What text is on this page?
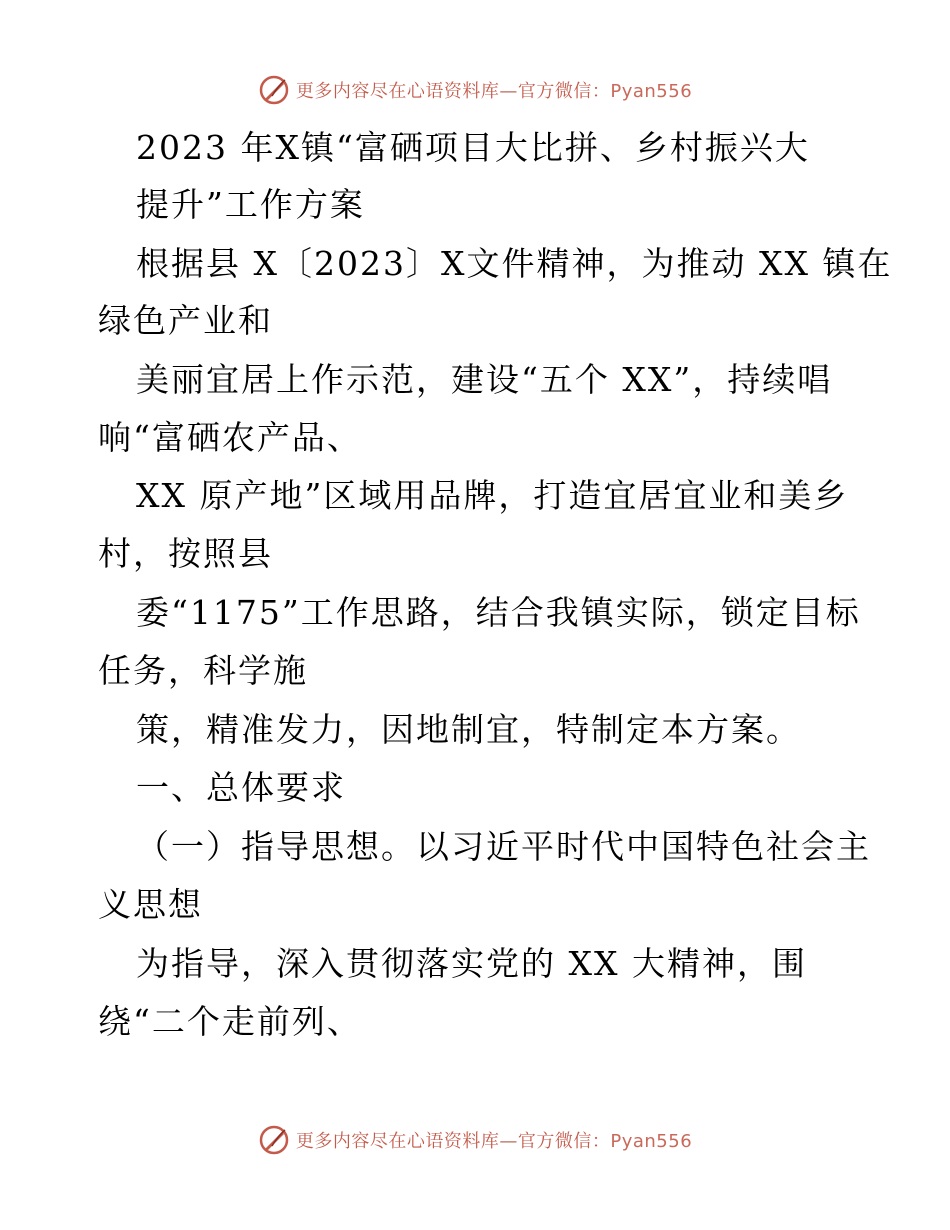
更多内容尽在心语资料库—官方微信：Pyan556
2023 年X镇“富硒项目大比拼、乡村振兴大
提升”工作方案
根据县 X〔2023〕X文件精神，为推动 XX 镇在
绿色产业和
美丽宜居上作示范，建设“五个 XX”，持续唱
响“富硒农产品、
XX 原产地”区域用品牌，打造宜居宜业和美乡
村，按照县
委“1175”工作思路，结合我镇实际，锁定目标
任务，科学施
策，精准发力，因地制宜，特制定本方案。
一、总体要求
（一）指导思想。以习近平时代中国特色社会主
义思想
为指导，深入贯彻落实党的 XX 大精神，围
绕“二个走前列、
更多内容尽在心语资料库—官方微信：Pyan556
